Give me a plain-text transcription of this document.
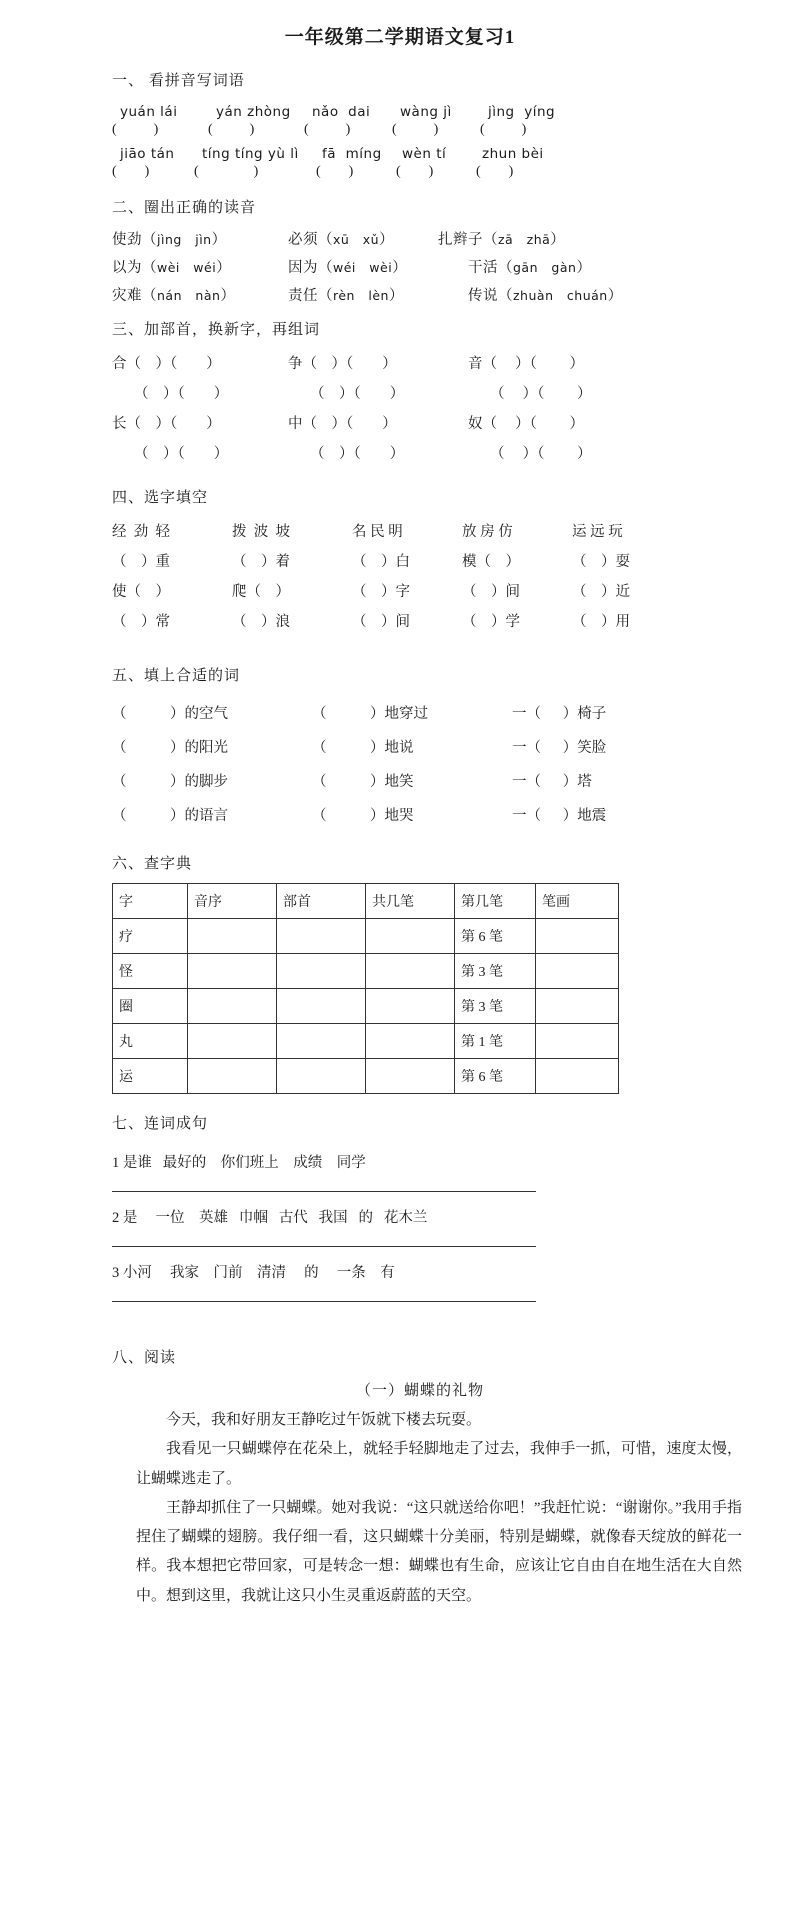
一年级第二学期语文复习1
一、 看拼音写词语
yuán lái	yán zhòng	nǎo  dai	wàng jì	jìng  yíng
(        )	(        )	(        )	(        )	(        )
jiāo tán	tíng tíng yù lì	fā  míng	wèn tí	zhun bèi
(      )	(            )	(      )	(      )	(      )
二、圈出正确的读音
使劲（jìng   jìn）	必须（xū   xǔ）	扎辫子（zā   zhā）
以为（wèi   wéi）	因为（wéi   wèi）	干活（gān   gàn）
灾难（nán   nàn）	责任（rèn   lèn）	传说（zhuàn   chuán）
三、加部首，换新字，再组词
合（    ）（        ）	争（    ）（        ）	音（     ）（         ）
（    ）（        ）	（    ）（        ）	（     ）（         ）
长（    ）（        ）	中（    ）（        ）	奴（     ）（         ）
（    ）（        ）	（    ）（        ）	（     ）（         ）
四、选字填空
经  劲  轻	拨  波  坡	名 民 明	放 房 仿	运 远 玩
（    ）重	（    ）着	（    ）白	模（    ）	（    ）耍
使（    ）	爬（    ）	（    ）字	（    ）间	（    ）近
（    ）常	（    ）浪	（    ）间	（    ）学	（    ）用
五、填上合适的词
（            ）的空气	（            ）地穿过	一（      ）椅子
（            ）的阳光	（            ）地说	一（      ）笑脸
（            ）的脚步	（            ）地笑	一（      ）塔
（            ）的语言	（            ）地哭	一（      ）地震
六、查字典
字	音序	部首	共几笔	第几笔	笔画
疗				第 6 笔	
怪				第 3 笔	
圈				第 3 笔	
丸				第 1 笔	
运				第 6 笔	
七、连词成句
1 是谁   最好的    你们班上    成绩    同学
2 是     一位    英雄   巾帼   古代   我国   的   花木兰
3 小河     我家    门前    清清     的     一条    有
八、阅读
（一）蝴蝶的礼物
今天，我和好朋友王静吃过午饭就下楼去玩耍。
我看见一只蝴蝶停在花朵上，就轻手轻脚地走了过去，我伸手一抓，可惜，速度太慢，让蝴蝶逃走了。
王静却抓住了一只蝴蝶。她对我说：“这只就送给你吧！”我赶忙说：“谢谢你。”我用手指捏住了蝴蝶的翅膀。我仔细一看，这只蝴蝶十分美丽，特别是蝴蝶，就像春天绽放的鲜花一样。我本想把它带回家，可是转念一想：蝴蝶也有生命，应该让它自由自在地生活在大自然中。想到这里，我就让这只小生灵重返蔚蓝的天空。
